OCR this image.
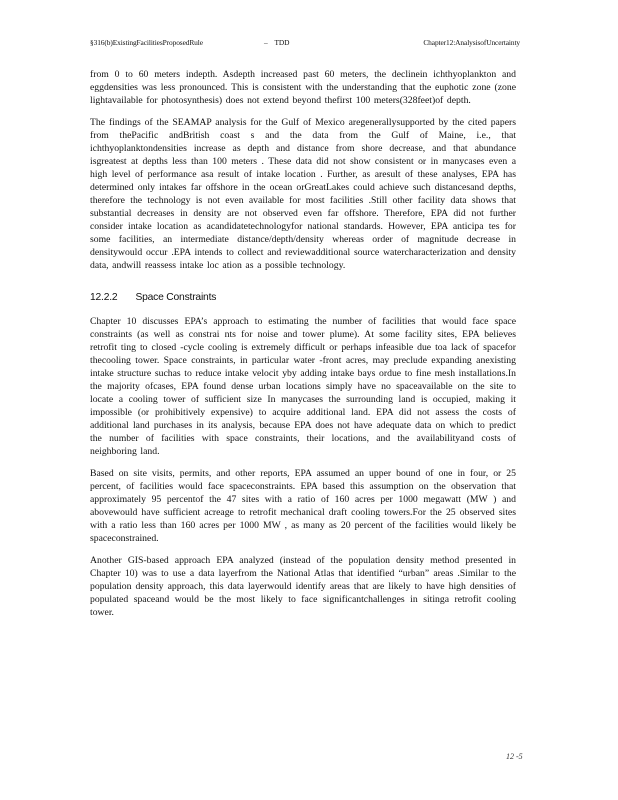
§316(b)ExistingFacilitiesProposedRule	–
TDD	Chapter12:AnalysisofUncertainty

from 0 to 60 meters indepth. Asdepth increased past 60 meters, the declinein ichthyoplankton and eggdensities was less pronounced. This is consistent with the understanding that the euphotic zone (zone lightavailable for photosynthesis) does not extend beyond thefirst 100 meters(328feet)of depth.

The findings of the SEAMAP analysis for the Gulf of Mexico aregenerallysupported by the cited papers from thePacific andBritish coast s and the data from the Gulf of Maine, i.e., that ichthyoplanktondensities increase as depth and distance from shore decrease, and that abundance isgreatest at depths less than 100 meters . These data did not show consistent or in manycases even a high level of performance asa result of intake location . Further, as aresult of these analyses, EPA has determined only intakes far offshore in the ocean orGreatLakes could achieve such distancesand depths, therefore the technology is not even available for most facilities .Still other facility data shows that substantial decreases in density are not observed even far offshore. Therefore, EPA did not further consider intake location as acandidatetechnologyfor national standards. However, EPA anticipa tes for some facilities, an intermediate distance/depth/density whereas order of magnitude decrease in densitywould occur .EPA intends to collect and reviewadditional source watercharacterization and density data, andwill reassess intake loc ation as a possible technology.

12.2.2 Space Constraints

Chapter 10 discusses EPA’s approach to estimating the number of facilities that would face space constraints (as well as constrai nts for noise and tower plume). At some facility sites, EPA believes retrofit ting to closed -cycle cooling is extremely difficult or perhaps infeasible due toa lack of spacefor thecooling tower. Space constraints, in particular water -front acres, may preclude expanding anexisting intake structure suchas to reduce intake velocit yby adding intake bays ordue to fine mesh installations.In the majority ofcases, EPA found dense urban locations simply have no spaceavailable on the site to locate a cooling tower of sufficient size In manycases the surrounding land is occupied, making it impossible (or prohibitively expensive) to acquire additional land. EPA did not assess the costs of additional land purchases in its analysis, because EPA does not have adequate data on which to predict the number of facilities with space constraints, their locations, and the availabilityand costs of neighboring land.

Based on site visits, permits, and other reports, EPA assumed an upper bound of one in four, or 25 percent, of facilities would face spaceconstraints. EPA based this assumption on the observation that approximately 95 percentof the 47 sites with a ratio of 160 acres per 1000 megawatt (MW ) and abovewould have sufficient acreage to retrofit mechanical draft cooling towers.For the 25 observed sites with a ratio less than 160 acres per 1000 MW , as many as 20 percent of the facilities would likely be spaceconstrained.

Another GIS-based approach EPA analyzed (instead of the population density method presented in Chapter 10) was to use a data layerfrom the National Atlas that identified “urban” areas .Similar to the population density approach, this data layerwould identify areas that are likely to have high densities of populated spaceand would be the most likely to face significantchallenges in sitinga retrofit cooling tower.

12 -5
